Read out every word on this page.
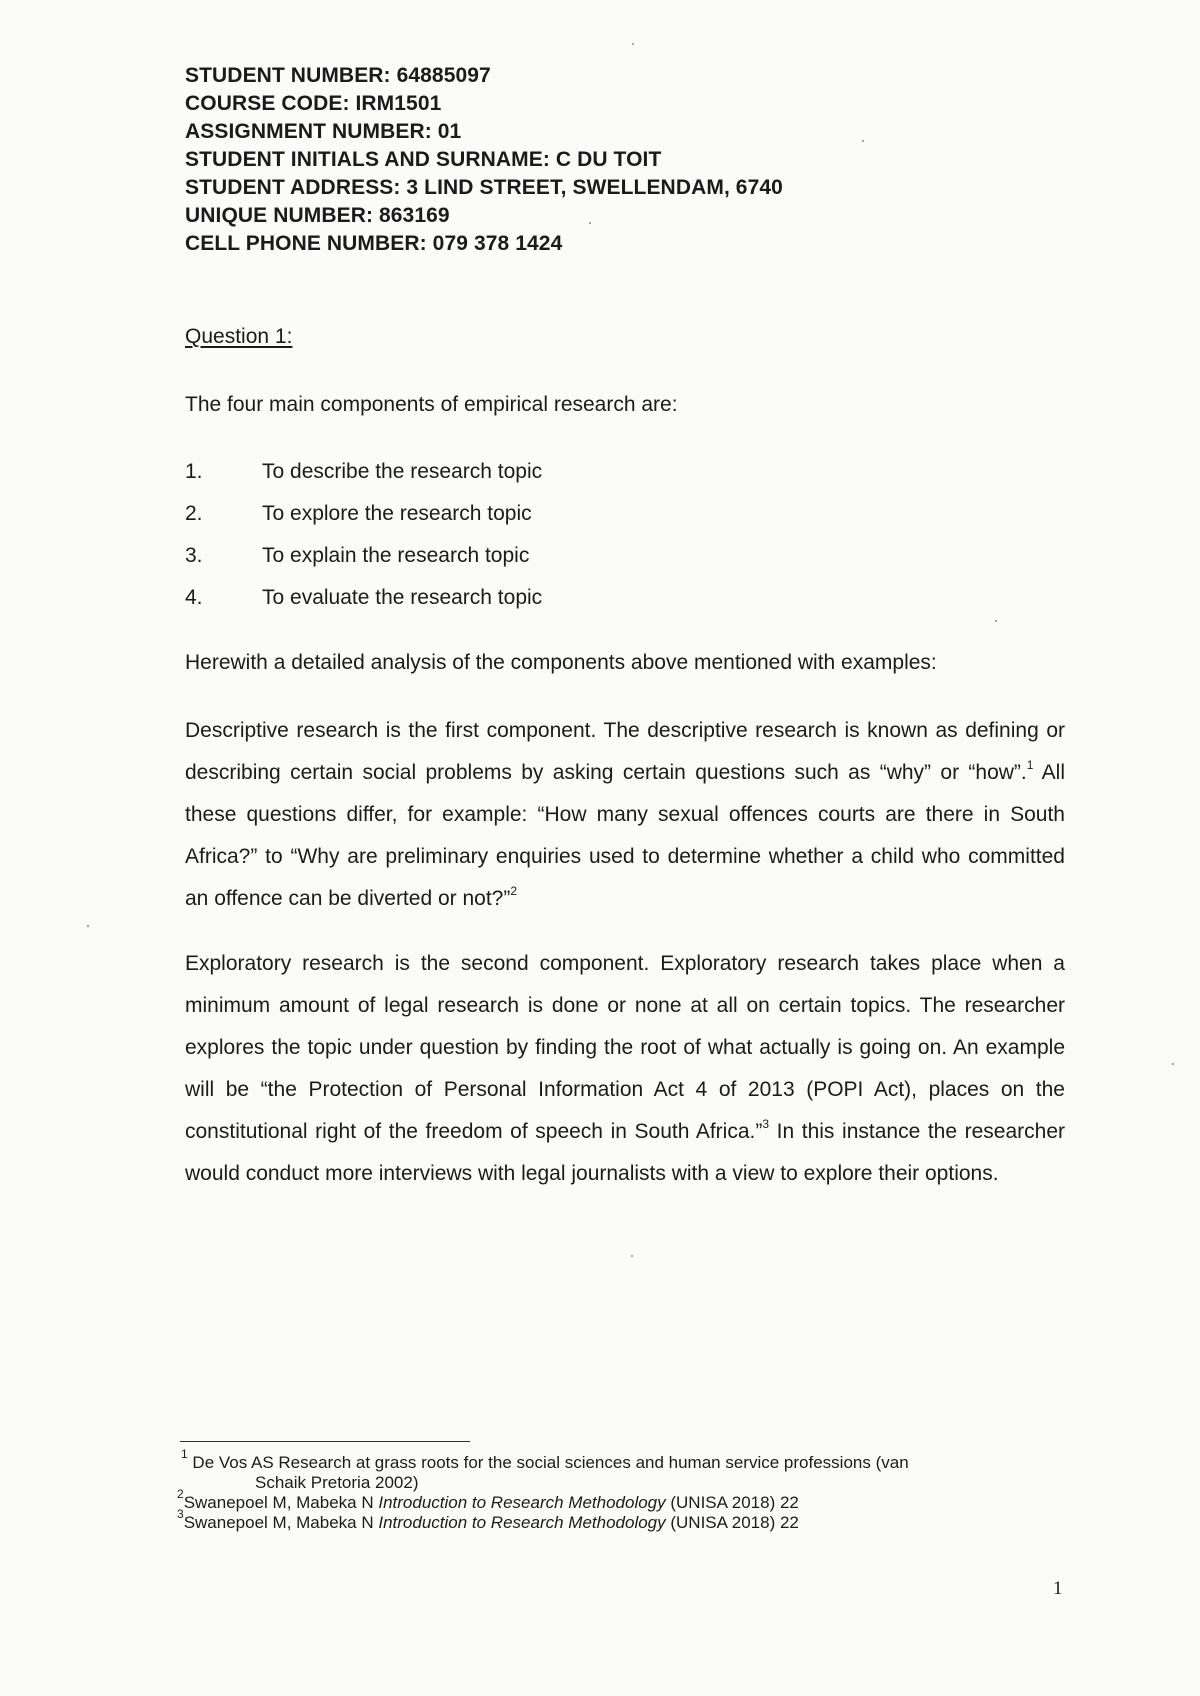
STUDENT NUMBER: 64885097
COURSE CODE: IRM1501
ASSIGNMENT NUMBER: 01
STUDENT INITIALS AND SURNAME: C DU TOIT
STUDENT ADDRESS: 3 LIND STREET, SWELLENDAM, 6740
UNIQUE NUMBER: 863169
CELL PHONE NUMBER: 079 378 1424
Question 1:
The four main components of empirical research are:
1.	To describe the research topic
2.	To explore the research topic
3.	To explain the research topic
4.	To evaluate the research topic
Herewith a detailed analysis of the components above mentioned with examples:
Descriptive research is the first component. The descriptive research is known as defining or describing certain social problems by asking certain questions such as “why” or “how”.$^1$ All these questions differ, for example: “How many sexual offences courts are there in South Africa?” to “Why are preliminary enquiries used to determine whether a child who committed an offence can be diverted or not?”$^2$
Exploratory research is the second component. Exploratory research takes place when a minimum amount of legal research is done or none at all on certain topics. The researcher explores the topic under question by finding the root of what actually is going on. An example will be “the Protection of Personal Information Act 4 of 2013 (POPI Act), places on the constitutional right of the freedom of speech in South Africa.”$^3$ In this instance the researcher would conduct more interviews with legal journalists with a view to explore their options.
$^1$ De Vos AS Research at grass roots for the social sciences and human service professions (van
Schaik Pretoria 2002)
$^2$Swanepoel M, Mabeka N Introduction to Research Methodology (UNISA 2018) 22
$^3$Swanepoel M, Mabeka N Introduction to Research Methodology (UNISA 2018) 22
1
